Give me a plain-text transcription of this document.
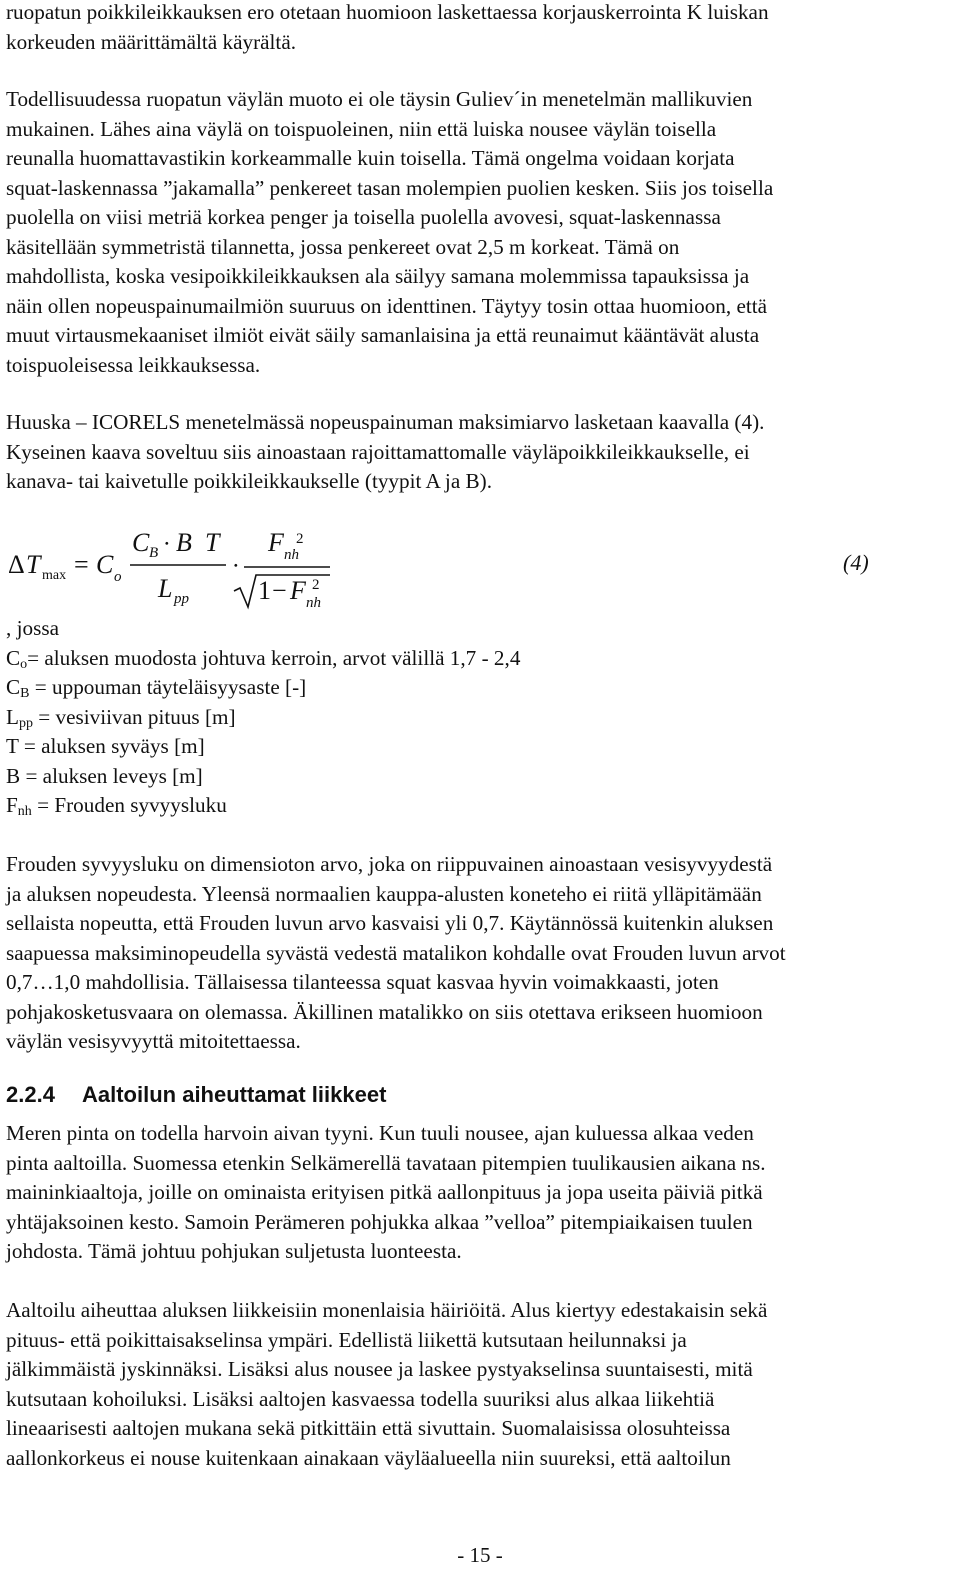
ruopatun poikkileikkauksen ero otetaan huomioon laskettaessa korjauskerrointa K luiskan
korkeuden määrittämältä käyrältä.

Todellisuudessa ruopatun väylän muoto ei ole täysin Guliev´in menetelmän mallikuvien
mukainen. Lähes aina väylä on toispuoleinen, niin että luiska nousee väylän toisella
reunalla huomattavastikin korkeammalle kuin toisella. Tämä ongelma voidaan korjata
squat-laskennassa ”jakamalla” penkereet tasan molempien puolien kesken. Siis jos toisella
puolella on viisi metriä korkea penger ja toisella puolella avovesi, squat-laskennassa
käsitellään symmetristä tilannetta, jossa penkereet ovat 2,5 m korkeat. Tämä on
mahdollista, koska vesipoikkileikkauksen ala säilyy samana molemmissa tapauksissa ja
näin ollen nopeuspainumailmiön suuruus on identtinen. Täytyy tosin ottaa huomioon, että
muut virtausmekaaniset ilmiöt eivät säily samanlaisina ja että reunaimut kääntävät alusta
toispuoleisessa leikkauksessa.

Huuska – ICORELS menetelmässä nopeuspainuman maksimiarvo lasketaan kaavalla (4).
Kyseinen kaava soveltuu siis ainoastaan rajoittamattomalle väyläpoikkileikkaukselle, ei
kanava- tai kaivetulle poikkileikkaukselle (tyypit A ja B).

Δ T max = C o
C B ⋅ B T
L pp
⋅
F nh
2
1 − F nh
2
(4)
, jossa
$C_o=$ aluksen muodosta johtuva kerroin, arvot välillä 1,7 - 2,4
$C_B$ = uppouman täyteläisyysaste [-]
$L_{pp}$ = vesiviivan pituus [m]
T = aluksen syväys [m]
B = aluksen leveys [m]
$F_{nh}$ = Frouden syvyysluku

Frouden syvyysluku on dimensioton arvo, joka on riippuvainen ainoastaan vesisyvyydestä
ja aluksen nopeudesta. Yleensä normaalien kauppa-alusten koneteho ei riitä ylläpitämään
sellaista nopeutta, että Frouden luvun arvo kasvaisi yli 0,7. Käytännössä kuitenkin aluksen
saapuessa maksiminopeudella syvästä vedestä matalikon kohdalle ovat Frouden luvun arvot
0,7…1,0 mahdollisia. Tällaisessa tilanteessa squat kasvaa hyvin voimakkaasti, joten
pohjakosketusvaara on olemassa. Äkillinen matalikko on siis otettava erikseen huomioon
väylän vesisyvyyttä mitoitettaessa.

2.2.4 Aaltoilun aiheuttamat liikkeet

Meren pinta on todella harvoin aivan tyyni. Kun tuuli nousee, ajan kuluessa alkaa veden
pinta aaltoilla. Suomessa etenkin Selkämerellä tavataan pitempien tuulikausien aikana ns.
maininkiaaltoja, joille on ominaista erityisen pitkä aallonpituus ja jopa useita päiviä pitkä
yhtäjaksoinen kesto. Samoin Perämeren pohjukka alkaa ”velloa” pitempiaikaisen tuulen
johdosta. Tämä johtuu pohjukan suljetusta luonteesta.

Aaltoilu aiheuttaa aluksen liikkeisiin monenlaisia häiriöitä. Alus kiertyy edestakaisin sekä
pituus- että poikittaisakselinsa ympäri. Edellistä liikettä kutsutaan heilunnaksi ja
jälkimmäistä jyskinnäksi. Lisäksi alus nousee ja laskee pystyakselinsa suuntaisesti, mitä
kutsutaan kohoiluksi. Lisäksi aaltojen kasvaessa todella suuriksi alus alkaa liikehtiä
lineaarisesti aaltojen mukana sekä pitkittäin että sivuttain. Suomalaisissa olosuhteissa
aallonkorkeus ei nouse kuitenkaan ainakaan väyläalueella niin suureksi, että aaltoilun

- 15 -
